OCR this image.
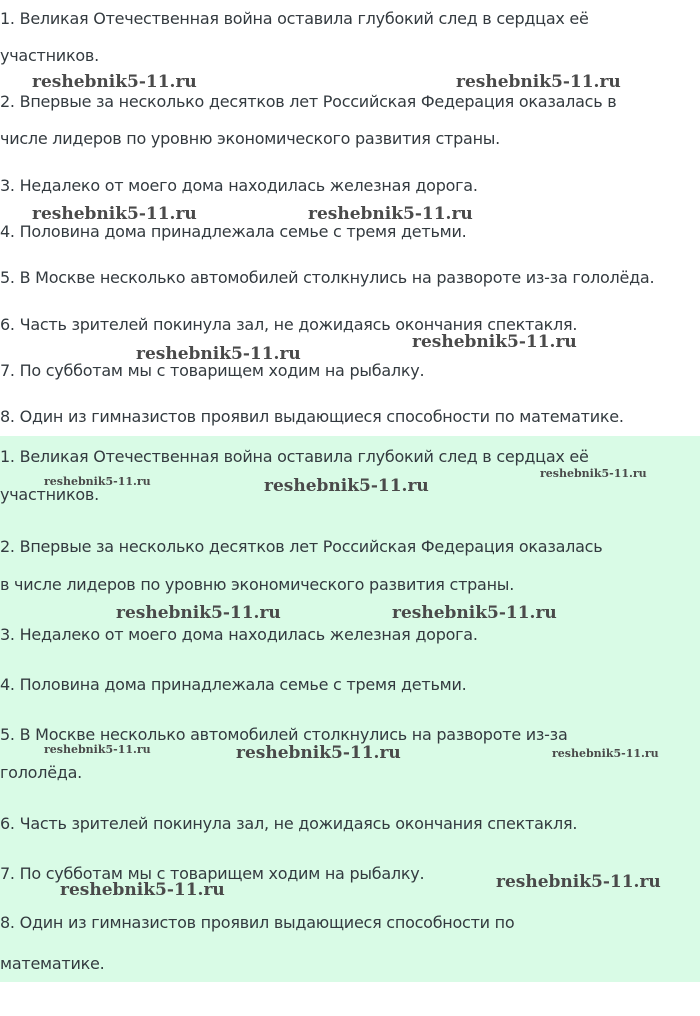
1. Великая Отечественная война оставила глубокий след в сердцах её
участников.
2. Впервые за несколько десятков лет Российская Федерация оказалась в
числе лидеров по уровню экономического развития страны.
3. Недалеко от моего дома находилась железная дорога.
4. Половина дома принадлежала семье с тремя детьми.
5. В Москве несколько автомобилей столкнулись на развороте из-за гололёда.
6. Часть зрителей покинула зал, не дожидаясь окончания спектакля.
7. По субботам мы с товарищем ходим на рыбалку.
8. Один из гимназистов проявил выдающиеся способности по математике.
reshebnik5-11.ru	reshebnik5-11.ru
reshebnik5-11.ru	reshebnik5-11.ru
reshebnik5-11.ru
reshebnik5-11.ru
1. Великая Отечественная война оставила глубокий след в сердцах её
участников.
2. Впервые за несколько десятков лет Российская Федерация оказалась
в числе лидеров по уровню экономического развития страны.
3. Недалеко от моего дома находилась железная дорога.
4. Половина дома принадлежала семье с тремя детьми.
5. В Москве несколько автомобилей столкнулись на развороте из-за
гололёда.
6. Часть зрителей покинула зал, не дожидаясь окончания спектакля.
7. По субботам мы с товарищем ходим на рыбалку.
8. Один из гимназистов проявил выдающиеся способности по
математике.
reshebnik5-11.ru	reshebnik5-11.ru
reshebnik5-11.ru
reshebnik5-11.ru	reshebnik5-11.ru
reshebnik5-11.ru	reshebnik5-11.ru	reshebnik5-11.ru
reshebnik5-11.ru	reshebnik5-11.ru
